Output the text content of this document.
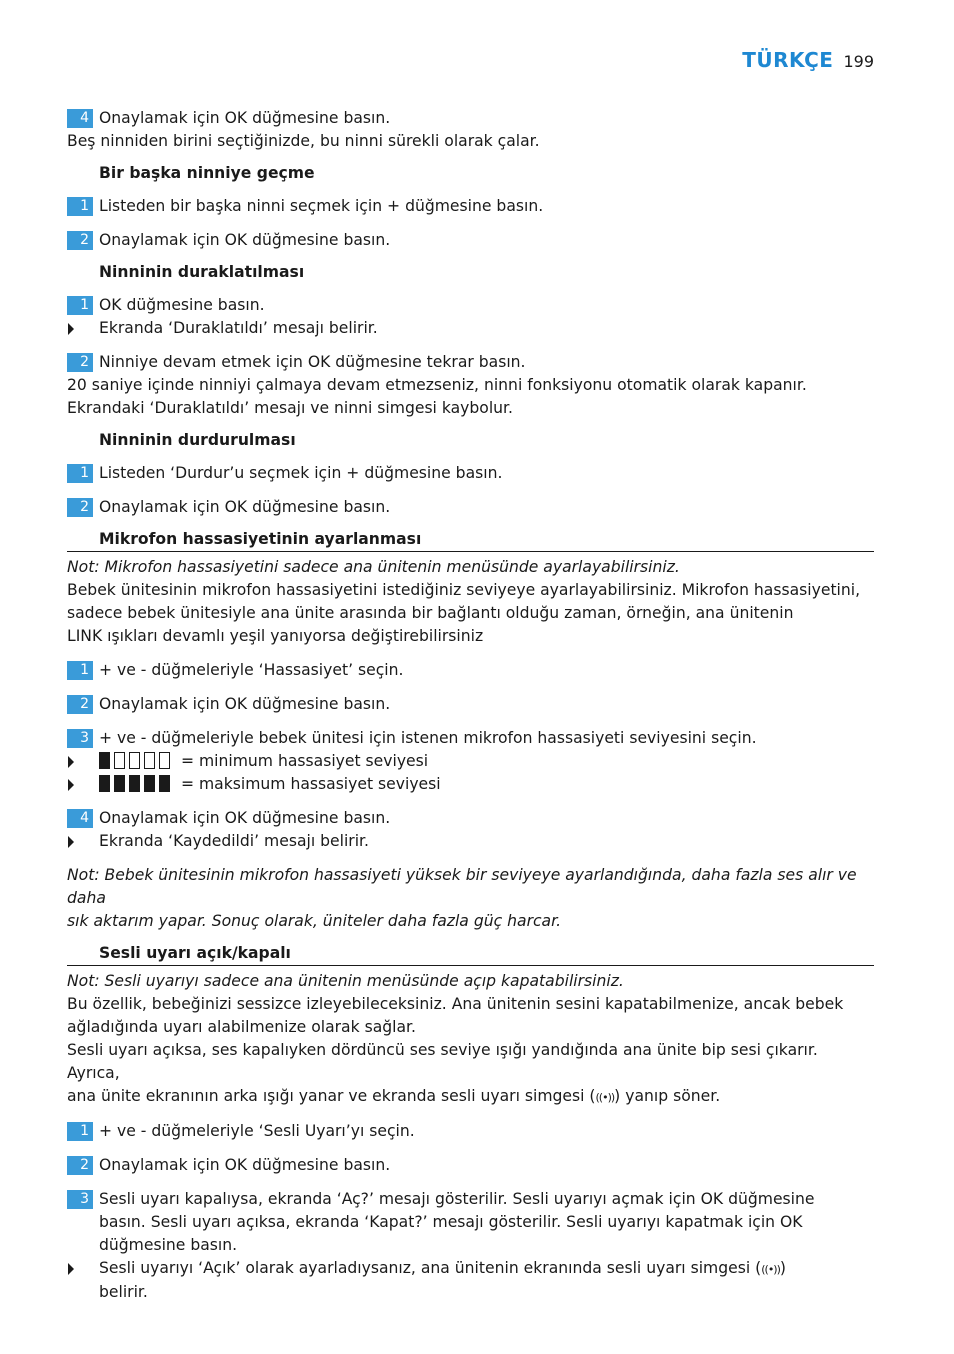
TÜRKÇE 199
4 Onaylamak için OK düğmesine basın.

Beş ninniden birini seçtiğinizde, bu ninni sürekli olarak çalar.

Bir başka ninniye geçme
1 Listeden bir başka ninni seçmek için + düğmesine basın.
2 Onaylamak için OK düğmesine basın.
Ninninin duraklatılması
1 OK düğmesine basın.
Ekranda ‘Duraklatıldı’ mesajı belirir.
2 Ninniye devam etmek için OK düğmesine tekrar basın.

20 saniye içinde ninniyi çalmaya devam etmezseniz, ninni fonksiyonu otomatik olarak kapanır.

Ekrandaki ‘Duraklatıldı’ mesajı ve ninni simgesi kaybolur.

Ninninin durdurulması
1 Listeden ‘Durdur’u seçmek için + düğmesine basın.
2 Onaylamak için OK düğmesine basın.
Mikrofon hassasiyetinin ayarlanması

Not: Mikrofon hassasiyetini sadece ana ünitenin menüsünde ayarlayabilirsiniz.

Bebek ünitesinin mikrofon hassasiyetini istediğiniz seviyeye ayarlayabilirsiniz. Mikrofon hassasiyetini,

sadece bebek ünitesiyle ana ünite arasında bir bağlantı olduğu zaman, örneğin, ana ünitenin

LINK ışıkları devamlı yeşil yanıyorsa değiştirebilirsiniz

1 + ve - düğmeleriyle ‘Hassasiyet’ seçin.
2 Onaylamak için OK düğmesine basın.
3 + ve - düğmeleriyle bebek ünitesi için istenen mikrofon hassasiyeti seviyesini seçin.
= minimum hassasiyet seviyesi
= maksimum hassasiyet seviyesi
4 Onaylamak için OK düğmesine basın.
Ekranda ‘Kaydedildi’ mesajı belirir.

Not: Bebek ünitesinin mikrofon hassasiyeti yüksek bir seviyeye ayarlandığında, daha fazla ses alır ve daha

sık aktarım yapar. Sonuç olarak, üniteler daha fazla güç harcar.

Sesli uyarı açık/kapalı

Not: Sesli uyarıyı sadece ana ünitenin menüsünde açıp kapatabilirsiniz.

Bu özellik, bebeğinizi sessizce izleyebileceksiniz. Ana ünitenin sesini kapatabilmenize, ancak bebek

ağladığında uyarı alabilmenize olarak sağlar.

Sesli uyarı açıksa, ses kapalıyken dördüncü ses seviye ışığı yandığında ana ünite bip sesi çıkarır. Ayrıca,

ana ünite ekranının arka ışığı yanar ve ekranda sesli uyarı simgesi (((•))) yanıp söner.

1 + ve - düğmeleriyle ‘Sesli Uyarı’yı seçin.
2 Onaylamak için OK düğmesine basın.
3 Sesli uyarı kapalıysa, ekranda ‘Aç?’ mesajı gösterilir. Sesli uyarıyı açmak için OK düğmesine
basın. Sesli uyarı açıksa, ekranda ‘Kapat?’ mesajı gösterilir. Sesli uyarıyı kapatmak için OK
düğmesine basın.
Sesli uyarıyı ‘Açık’ olarak ayarladıysanız, ana ünitenin ekranında sesli uyarı simgesi (((•)))
belirir.
